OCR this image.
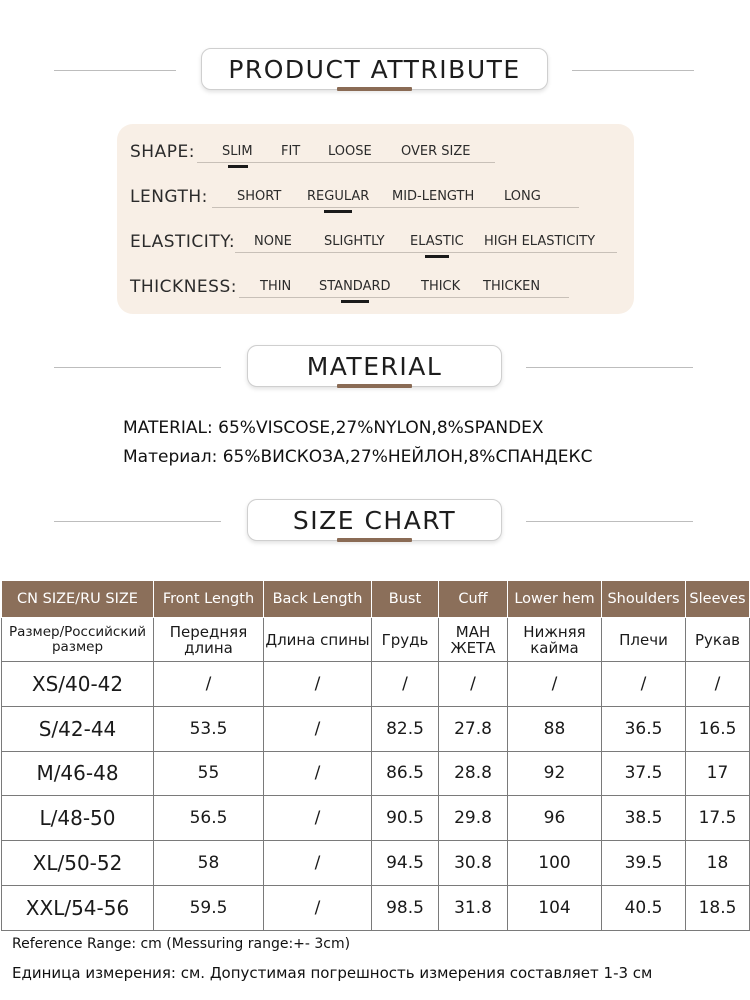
PRODUCT ATTRIBUTE
SHAPE: SLIM FIT LOOSE OVER SIZE
LENGTH: SHORT REGULAR MID-LENGTH LONG
ELASTICITY: NONE SLIGHTLY ELASTIC HIGH ELASTICITY
THICKNESS: THIN STANDARD THICK THICKEN
MATERIAL
MATERIAL: 65%VISCOSE,27%NYLON,8%SPANDEX
Материал: 65%ВИСКОЗА,27%НЕЙЛОН,8%СПАНДЕКС
SIZE CHART
CN SIZE/RU SIZE	Front Length	Back Length	Bust	Cuff	Lower hem	Shoulders	Sleeves
Размер/Российский размер	Передняя длина	Длина спины	Грудь	МАН ЖЕТА	Нижняя кайма	Плечи	Рукав
XS/40-42	/	/	/	/	/	/	/
S/42-44	53.5	/	82.5	27.8	88	36.5	16.5
M/46-48	55	/	86.5	28.8	92	37.5	17
L/48-50	56.5	/	90.5	29.8	96	38.5	17.5
XL/50-52	58	/	94.5	30.8	100	39.5	18
XXL/54-56	59.5	/	98.5	31.8	104	40.5	18.5
Reference Range: cm (Messuring range:+- 3cm)
Единица измерения: см. Допустимая погрешность измерения составляет 1-3 см
